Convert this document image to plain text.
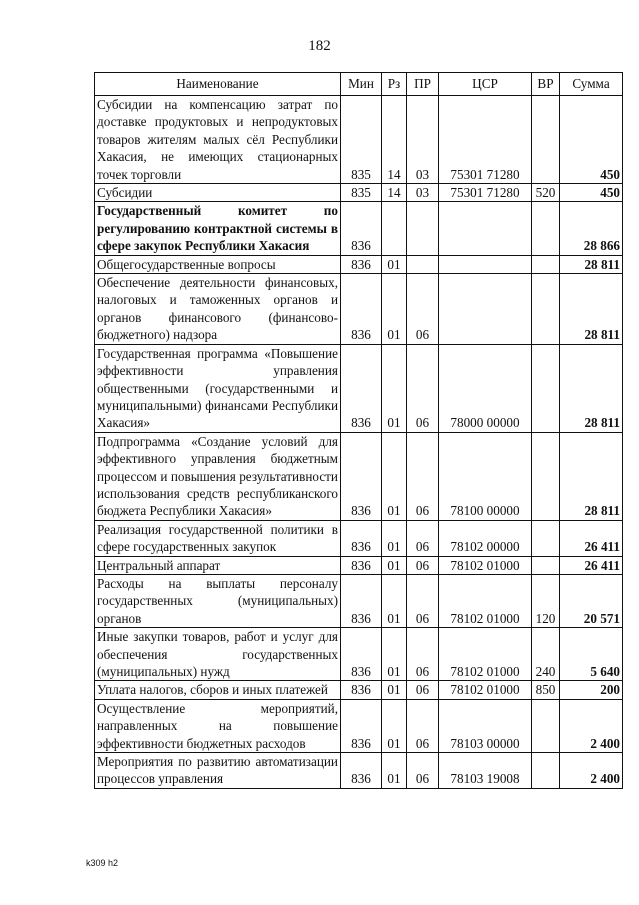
182
Наименование	Мин	Рз	ПР	ЦСР	ВР	Сумма
Субсидии на компенсацию затрат по доставке продуктовых и непродуктовых товаров жителям малых сёл Республики Хакасия, не имеющих стационарных точек торговли	835	14	03	75301 71280		450
Субсидии	835	14	03	75301 71280	520	450
Государственный комитет по регулированию контрактной системы в сфере закупок Республики Хакасия	836					28 866
Общегосударственные вопросы	836	01				28 811
Обеспечение деятельности финансовых, налоговых и таможенных органов и органов финансового (финансово-бюджетного) надзора	836	01	06			28 811
Государственная программа «Повышение эффективности управления общественными (государственными и муниципальными) финансами Республики Хакасия»	836	01	06	78000 00000		28 811
Подпрограмма «Создание условий для эффективного управления бюджетным процессом и повышения результативности использования средств республиканского бюджета Республики Хакасия»	836	01	06	78100 00000		28 811
Реализация государственной политики в сфере государственных закупок	836	01	06	78102 00000		26 411
Центральный аппарат	836	01	06	78102 01000		26 411
Расходы на выплаты персоналу государственных (муниципальных) органов	836	01	06	78102 01000	120	20 571
Иные закупки товаров, работ и услуг для обеспечения государственных (муниципальных) нужд	836	01	06	78102 01000	240	5 640
Уплата налогов, сборов и иных платежей	836	01	06	78102 01000	850	200
Осуществление мероприятий, направленных на повышение эффективности бюджетных расходов	836	01	06	78103 00000		2 400
Мероприятия по развитию автоматизации процессов управления	836	01	06	78103 19008		2 400
k309 h2
